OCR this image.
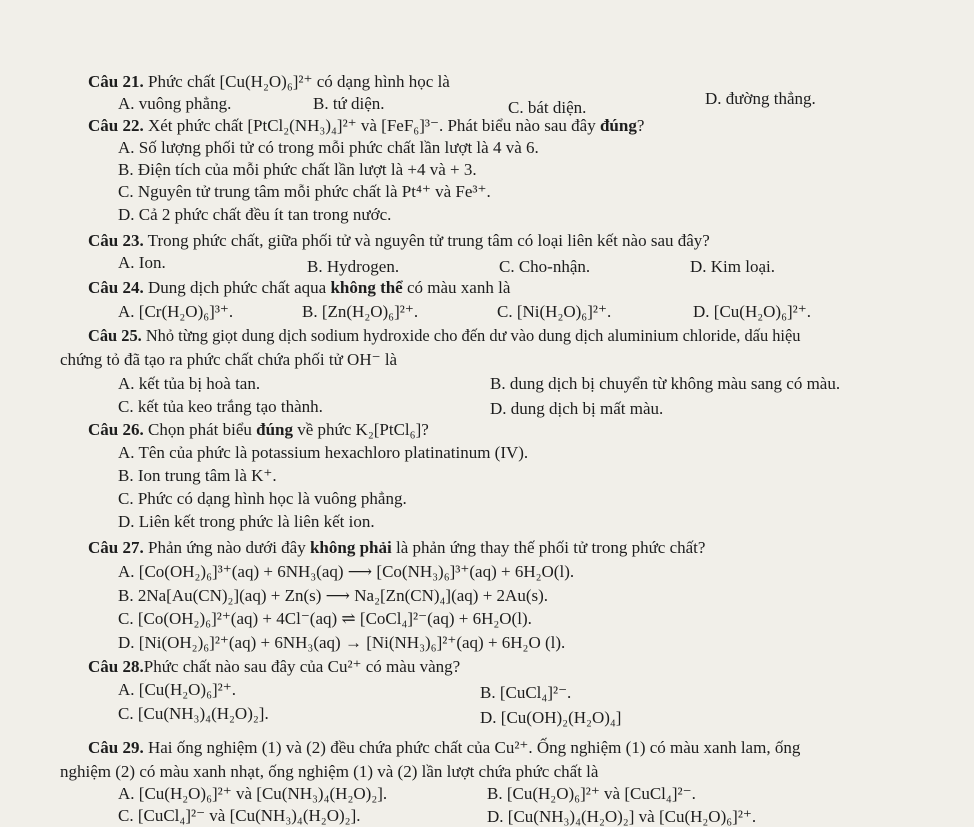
Câu 21. Phức chất [Cu(H₂O)₆]²⁺ có dạng hình học là
A. vuông phẳng.	B. tứ diện.	C. bát diện.	D. đường thẳng.
Câu 22. Xét phức chất [PtCl₂(NH₃)₄]²⁺ và [FeF₆]³⁻. Phát biểu nào sau đây đúng?
A. Số lượng phối tử có trong mỗi phức chất lần lượt là 4 và 6.
B. Điện tích của mỗi phức chất lần lượt là +4 và + 3.
C. Nguyên tử trung tâm mỗi phức chất là Pt⁴⁺ và Fe³⁺.
D. Cả 2 phức chất đều ít tan trong nước.
Câu 23. Trong phức chất, giữa phối tử và nguyên tử trung tâm có loại liên kết nào sau đây?
A. Ion.	B. Hydrogen.	C. Cho-nhận.	D. Kim loại.
Câu 24. Dung dịch phức chất aqua không thể có màu xanh là
A. [Cr(H₂O)₆]³⁺.	B. [Zn(H₂O)₆]²⁺.	C. [Ni(H₂O)₆]²⁺.	D. [Cu(H₂O)₆]²⁺.
Câu 25. Nhỏ từng giọt dung dịch sodium hydroxide cho đến dư vào dung dịch aluminium chloride, dấu hiệu
chứng tỏ đã tạo ra phức chất chứa phối tử OH⁻ là
A. kết tủa bị hoà tan.	B. dung dịch bị chuyển từ không màu sang có màu.
C. kết tủa keo trắng tạo thành.	D. dung dịch bị mất màu.
Câu 26. Chọn phát biểu đúng về phức K₂[PtCl₆]?
A. Tên của phức là potassium hexachloro platinatinum (IV).
B. Ion trung tâm là K⁺.
C. Phức có dạng hình học là vuông phẳng.
D. Liên kết trong phức là liên kết ion.
Câu 27. Phản ứng nào dưới đây không phải là phản ứng thay thế phối tử trong phức chất?
A. [Co(OH₂)₆]³⁺(aq) + 6NH₃(aq) ⟶ [Co(NH₃)₆]³⁺(aq) + 6H₂O(l).
B. 2Na[Au(CN)₂](aq) + Zn(s) ⟶ Na₂[Zn(CN)₄](aq) + 2Au(s).
C. [Co(OH₂)₆]²⁺(aq) + 4Cl⁻(aq) ⇌ [CoCl₄]²⁻(aq) + 6H₂O(l).
D. [Ni(OH₂)₆]²⁺(aq) + 6NH₃(aq) → [Ni(NH₃)₆]²⁺(aq) + 6H₂O (l).
Câu 28.Phức chất nào sau đây của Cu²⁺ có màu vàng?
A. [Cu(H₂O)₆]²⁺.	B. [CuCl₄]²⁻.
C. [Cu(NH₃)₄(H₂O)₂].	D. [Cu(OH)₂(H₂O)₄]
Câu 29. Hai ống nghiệm (1) và (2) đều chứa phức chất của Cu²⁺. Ống nghiệm (1) có màu xanh lam, ống
nghiệm (2) có màu xanh nhạt, ống nghiệm (1) và (2) lần lượt chứa phức chất là
A. [Cu(H₂O)₆]²⁺ và [Cu(NH₃)₄(H₂O)₂].	B. [Cu(H₂O)₆]²⁺ và [CuCl₄]²⁻.
C. [CuCl₄]²⁻ và [Cu(NH₃)₄(H₂O)₂].	D. [Cu(NH₃)₄(H₂O)₂] và [Cu(H₂O)₆]²⁺.
